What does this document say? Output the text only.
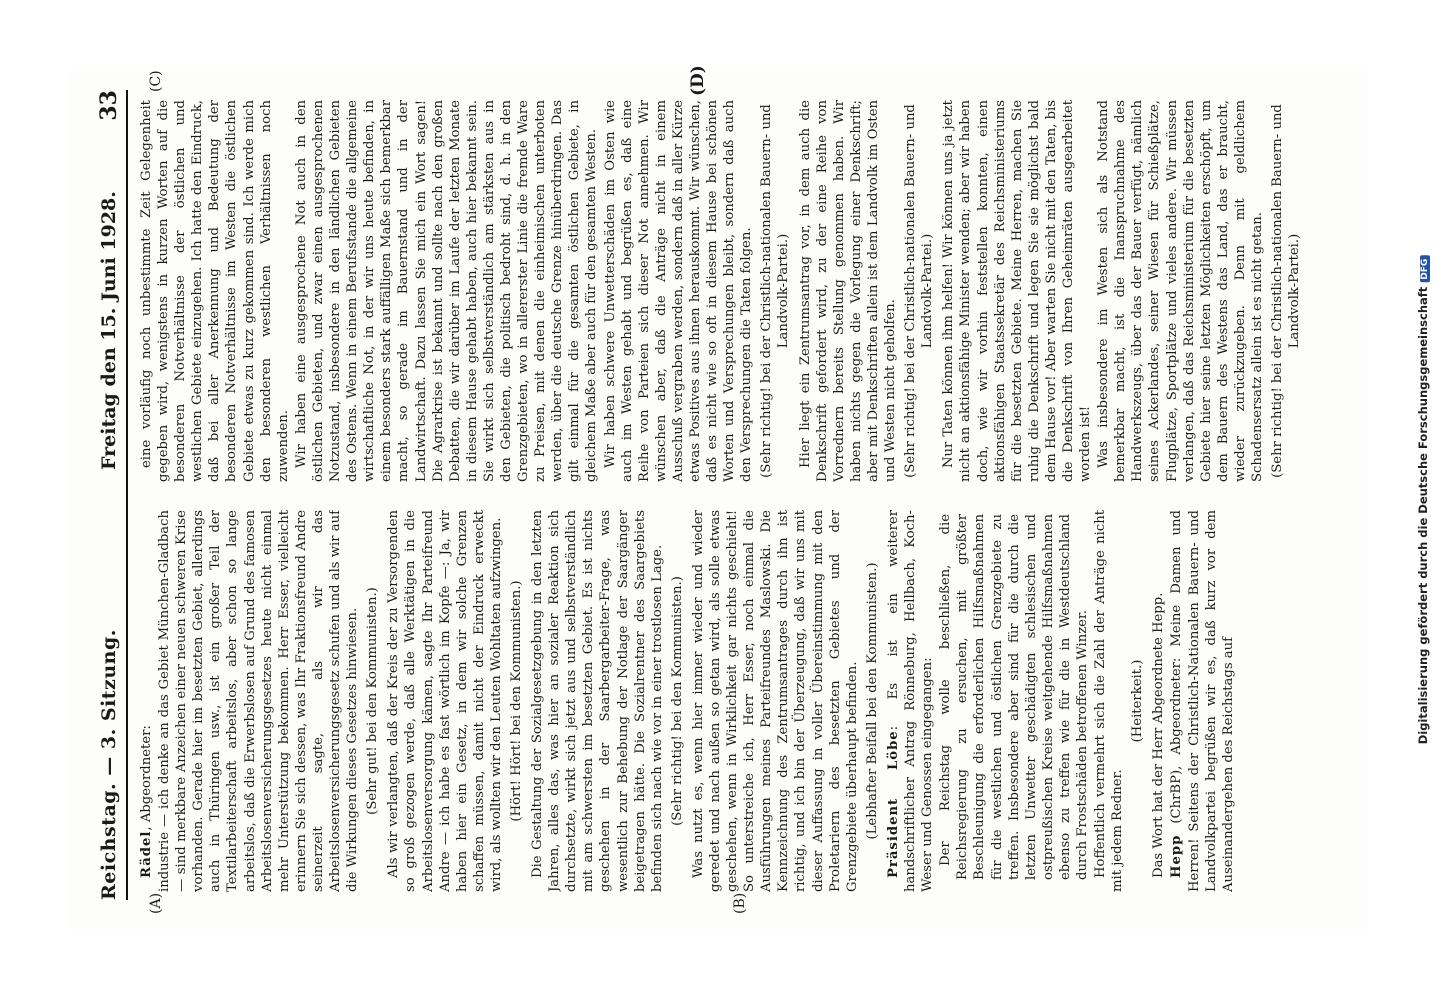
Reichstag. — 3. Sitzung.
Freitag den 15. Juni 1928.
33
(A)	(B)
(C)	(D)

Rädel, Abgeordneter: industrie — ich denke an das Gebiet München-Gladbach — sind merkbare Anzeichen einer neuen schweren Krise vorhanden. Gerade hier im besetzten Gebiet, allerdings auch in Thüringen usw., ist ein großer Teil der Textilarbeiterschaft arbeitslos, aber schon so lange arbeitslos, daß die Erwerbslosen auf Grund des famosen Arbeitslosenversicherungsgesetzes heute nicht einmal mehr Unterstützung bekommen. Herr Esser, vielleicht erinnern Sie sich dessen, was Ihr Fraktionsfreund Andre seinerzeit sagte, als wir das Arbeitslosenversicherungsgesetz schufen und als wir auf die Wirkungen dieses Gesetzes hinwiesen. (Sehr gut! bei den Kommunisten.) Als wir verlangten, daß der Kreis der zu Versorgenden so groß gezogen werde, daß alle Werktätigen in die Arbeitslosenversorgung kämen, sagte Ihr Parteifreund Andre — ich habe es fast wörtlich im Kopfe —: Ja, wir haben hier ein Gesetz, in dem wir solche Grenzen schaffen müssen, damit nicht der Eindruck erweckt wird, als wollten wir den Leuten Wohltaten aufzwingen. (Hört! Hört! bei den Kommunisten.) Die Gestaltung der Sozialgesetzgebung in den letzten Jahren, alles das, was hier an sozialer Reaktion sich durchsetzte, wirkt sich jetzt aus und selbstverständlich mit am schwersten im besetzten Gebiet. Es ist nichts geschehen in der Saarbergarbeiter-Frage, was wesentlich zur Behebung der Notlage der Saargänger beigetragen hätte. Die Sozialrentner des Saargebiets befinden sich nach wie vor in einer trostlosen Lage. (Sehr richtig! bei den Kommunisten.) Was nutzt es, wenn hier immer wieder und wieder geredet und nach außen so getan wird, als solle etwas geschehen, wenn in Wirklichkeit gar nichts geschieht! So unterstreiche ich, Herr Esser, noch einmal die Ausführungen meines Parteifreundes Maslowski. Die Kennzeichnung des Zentrumsantrages durch ihn ist richtig, und ich bin der Überzeugung, daß wir uns mit dieser Auffassung in voller Übereinstimmung mit den Proletariern des besetzten Gebietes und der Grenzgebiete überhaupt befinden. (Lebhafter Beifall bei den Kommunisten.) Präsident Löbe: Es ist ein weiterer handschriftlicher Antrag Rönneburg, Hellbach, Koch-Weser und Genossen eingegangen: Der Reichstag wolle beschließen, die Reichsregierung zu ersuchen, mit größter Beschleunigung die erforderlichen Hilfsmaßnahmen für die westlichen und östlichen Grenzgebiete zu treffen. Insbesondere aber sind für die durch die letzten Unwetter geschädigten schlesischen und ostpreußischen Kreise weitgehende Hilfsmaßnahmen ebenso zu treffen wie für die in Westdeutschland durch Frostschäden betroffenen Winzer. Hoffentlich vermehrt sich die Zahl der Anträge nicht mit jedem Redner.

(Heiterkeit.) Das Wort hat der Herr Abgeordnete Hepp. Hepp (ChrBP), Abgeordneter: Meine Damen und Herren! Seitens der Christlich-Nationalen Bauern- und Landvolkpartei begrüßen wir es, daß kurz vor dem Auseinandergehen des Reichstags auf

eine vorläufig noch unbestimmte Zeit Gelegenheit gegeben wird, wenigstens in kurzen Worten auf die besonderen Notverhältnisse der östlichen und westlichen Gebiete einzugehen. Ich hatte den Eindruck, daß bei aller Anerkennung und Bedeutung der besonderen Notverhältnisse im Westen die östlichen Gebiete etwas zu kurz gekommen sind. Ich werde mich den besonderen westlichen Verhältnissen noch zuwenden. Wir haben eine ausgesprochene Not auch in den östlichen Gebieten, und zwar einen ausgesprochenen Notzustand, insbesondere in den ländlichen Gebieten des Ostens. Wenn in einem Berufsstande die allgemeine wirtschaftliche Not, in der wir uns heute befinden, in einem besonders stark auffälligen Maße sich bemerkbar macht, so gerade im Bauernstand und in der Landwirtschaft. Dazu lassen Sie mich ein Wort sagen! Die Agrarkrise ist bekannt und sollte nach den großen Debatten, die wir darüber im Laufe der letzten Monate in diesem Hause gehabt haben, auch hier bekannt sein. Sie wirkt sich selbstverständlich am stärksten aus in den Gebieten, die politisch bedroht sind, d. h. in den Grenzgebieten, wo in allererster Linie die fremde Ware zu Preisen, mit denen die einheimischen unterboten werden, über die deutsche Grenze hinüberdringen. Das gilt einmal für die gesamten östlichen Gebiete, in gleichem Maße aber auch für den gesamten Westen. Wir haben schwere Unwetterschäden im Osten wie auch im Westen gehabt und begrüßen es, daß eine Reihe von Parteien sich dieser Not annehmen. Wir wünschen aber, daß die Anträge nicht in einem Ausschuß vergraben werden, sondern daß in aller Kürze etwas Positives aus ihnen herauskommt. Wir wünschen, daß es nicht wie so oft in diesem Hause bei schönen Worten und Versprechungen bleibt, sondern daß auch den Versprechungen die Taten folgen. (Sehr richtig! bei der Christlich-nationalen Bauern- und Landvolk-Partei.) Hier liegt ein Zentrumsantrag vor, in dem auch die Denkschrift gefordert wird, zu der eine Reihe von Vorrednern bereits Stellung genommen haben. Wir haben nichts gegen die Vorlegung einer Denkschrift; aber mit Denkschriften allein ist dem Landvolk im Osten und Westen nicht geholfen. (Sehr richtig! bei der Christlich-nationalen Bauern- und Landvolk-Partei.) Nur Taten können ihm helfen! Wir können uns ja jetzt nicht an aktionsfähige Minister wenden; aber wir haben doch, wie wir vorhin feststellen konnten, einen aktionsfähigen Staatssekretär des Reichsministeriums für die besetzten Gebiete. Meine Herren, machen Sie ruhig die Denkschrift und legen Sie sie möglichst bald dem Hause vor! Aber warten Sie nicht mit den Taten, bis die Denkschrift von Ihren Geheimräten ausgearbeitet worden ist! Was insbesondere im Westen sich als Notstand bemerkbar macht, ist die Inanspruchnahme des Handwerkszeugs, über das der Bauer verfügt, nämlich seines Ackerlandes, seiner Wiesen für Schießplätze, Flugplätze, Sportplätze und vieles andere. Wir müssen verlangen, daß das Reichsministerium für die besetzten Gebiete hier seine letzten Möglichkeiten erschöpft, um dem Bauern des Westens das Land, das er braucht, wieder zurückzugeben. Denn mit geldlichem Schadensersatz allein ist es nicht getan. (Sehr richtig! bei der Christlich-nationalen Bauern- und Landvolk-Partei.)	Digitalisierung gefördert durch die Deutsche ForschungsgemeinschaftDFG
